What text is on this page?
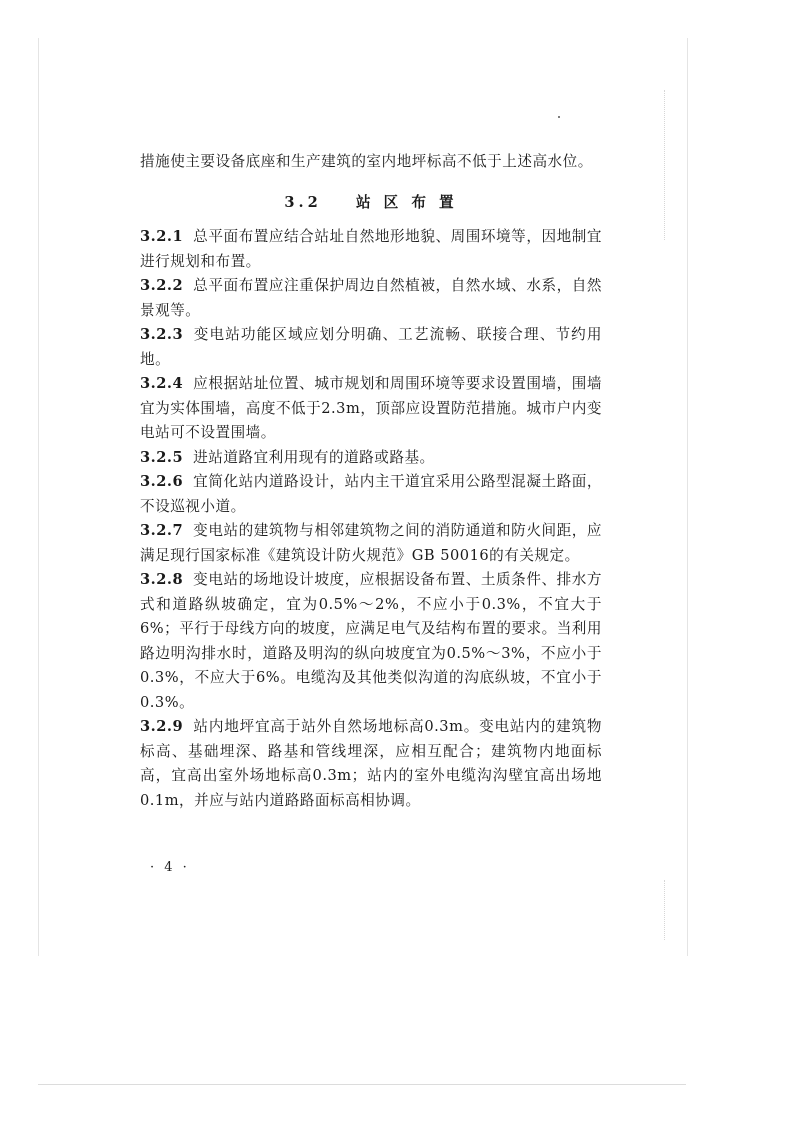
措施使主要设备底座和生产建筑的室内地坪标高不低于上述高水位。

3.2 站 区 布 置

3.2.1 总平面布置应结合站址自然地形地貌、周围环境等，因地制宜进行规划和布置。

3.2.2 总平面布置应注重保护周边自然植被，自然水域、水系，自然景观等。

3.2.3 变电站功能区域应划分明确、工艺流畅、联接合理、节约用地。

3.2.4 应根据站址位置、城市规划和周围环境等要求设置围墙，围墙宜为实体围墙，高度不低于2.3m，顶部应设置防范措施。城市户内变电站可不设置围墙。

3.2.5 进站道路宜利用现有的道路或路基。

3.2.6 宜简化站内道路设计，站内主干道宜采用公路型混凝土路面，不设巡视小道。

3.2.7 变电站的建筑物与相邻建筑物之间的消防通道和防火间距，应满足现行国家标准《建筑设计防火规范》GB 50016的有关规定。

3.2.8 变电站的场地设计坡度，应根据设备布置、土质条件、排水方式和道路纵坡确定，宜为0.5%～2%，不应小于0.3%，不宜大于6%；平行于母线方向的坡度，应满足电气及结构布置的要求。当利用路边明沟排水时，道路及明沟的纵向坡度宜为0.5%～3%，不应小于0.3%，不应大于6%。电缆沟及其他类似沟道的沟底纵坡，不宜小于0.3%。

3.2.9 站内地坪宜高于站外自然场地标高0.3m。变电站内的建筑物标高、基础埋深、路基和管线埋深，应相互配合；建筑物内地面标高，宜高出室外场地标高0.3m；站内的室外电缆沟沟壁宜高出场地0.1m，并应与站内道路路面标高相协调。

· 4 ·
